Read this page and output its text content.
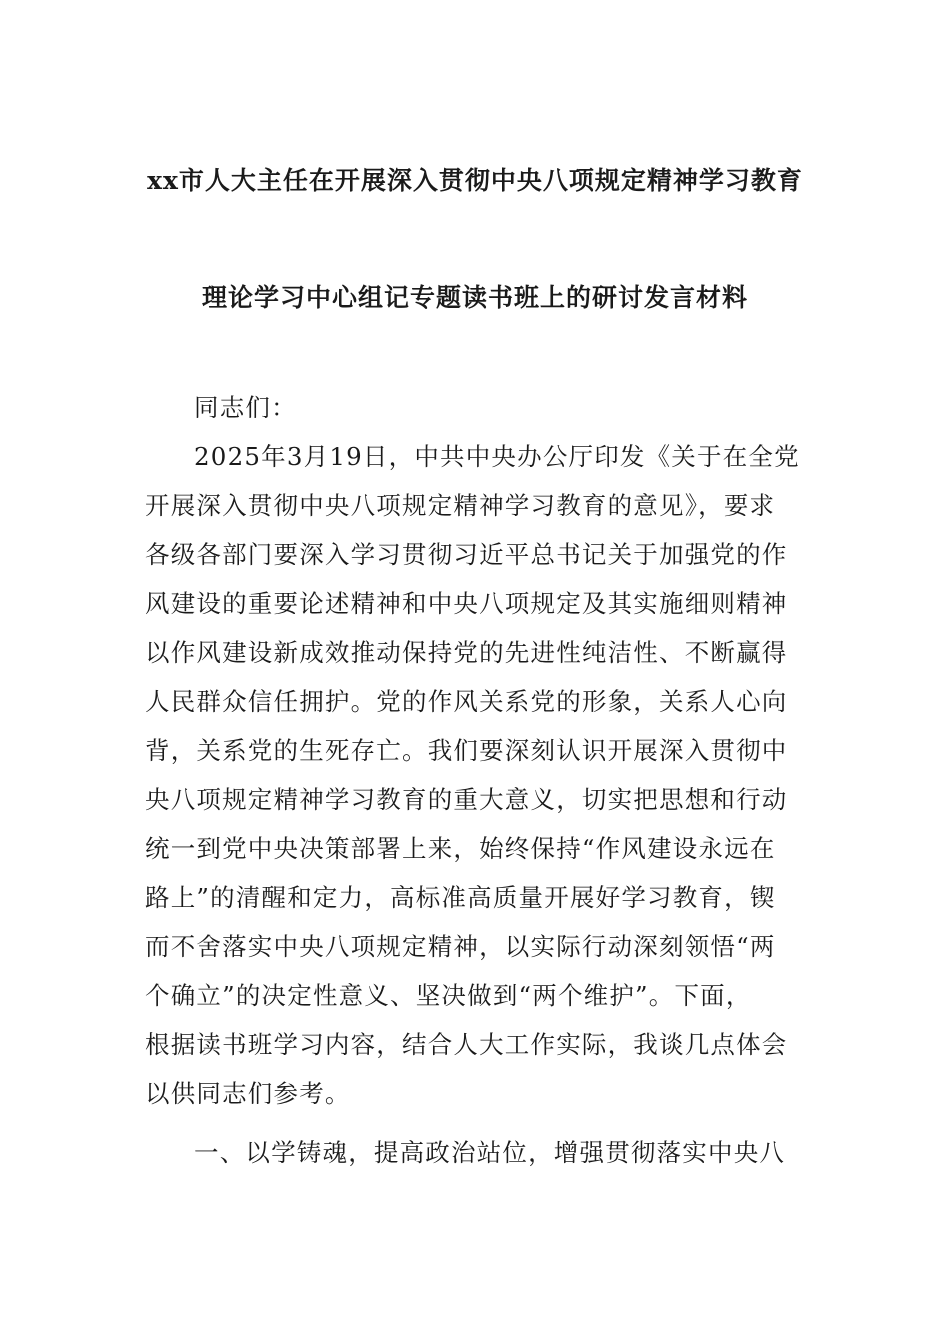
xx市人大主任在开展深入贯彻中央八项规定精神学习教育
理论学习中心组记专题读书班上的研讨发言材料
同志们：
2025年3月19日，中共中央办公厅印发《关于在全党
开展深入贯彻中央八项规定精神学习教育的意见》，要求
各级各部门要深入学习贯彻习近平总书记关于加强党的作
风建设的重要论述精神和中央八项规定及其实施细则精神
以作风建设新成效推动保持党的先进性纯洁性、不断赢得
人民群众信任拥护。党的作风关系党的形象，关系人心向
背，关系党的生死存亡。我们要深刻认识开展深入贯彻中
央八项规定精神学习教育的重大意义，切实把思想和行动
统一到党中央决策部署上来，始终保持“作风建设永远在
路上”的清醒和定力，高标准高质量开展好学习教育，锲
而不舍落实中央八项规定精神，以实际行动深刻领悟“两
个确立”的决定性意义、坚决做到“两个维护”。下面，
根据读书班学习内容，结合人大工作实际，我谈几点体会
以供同志们参考。
一、以学铸魂，提高政治站位，增强贯彻落实中央八
